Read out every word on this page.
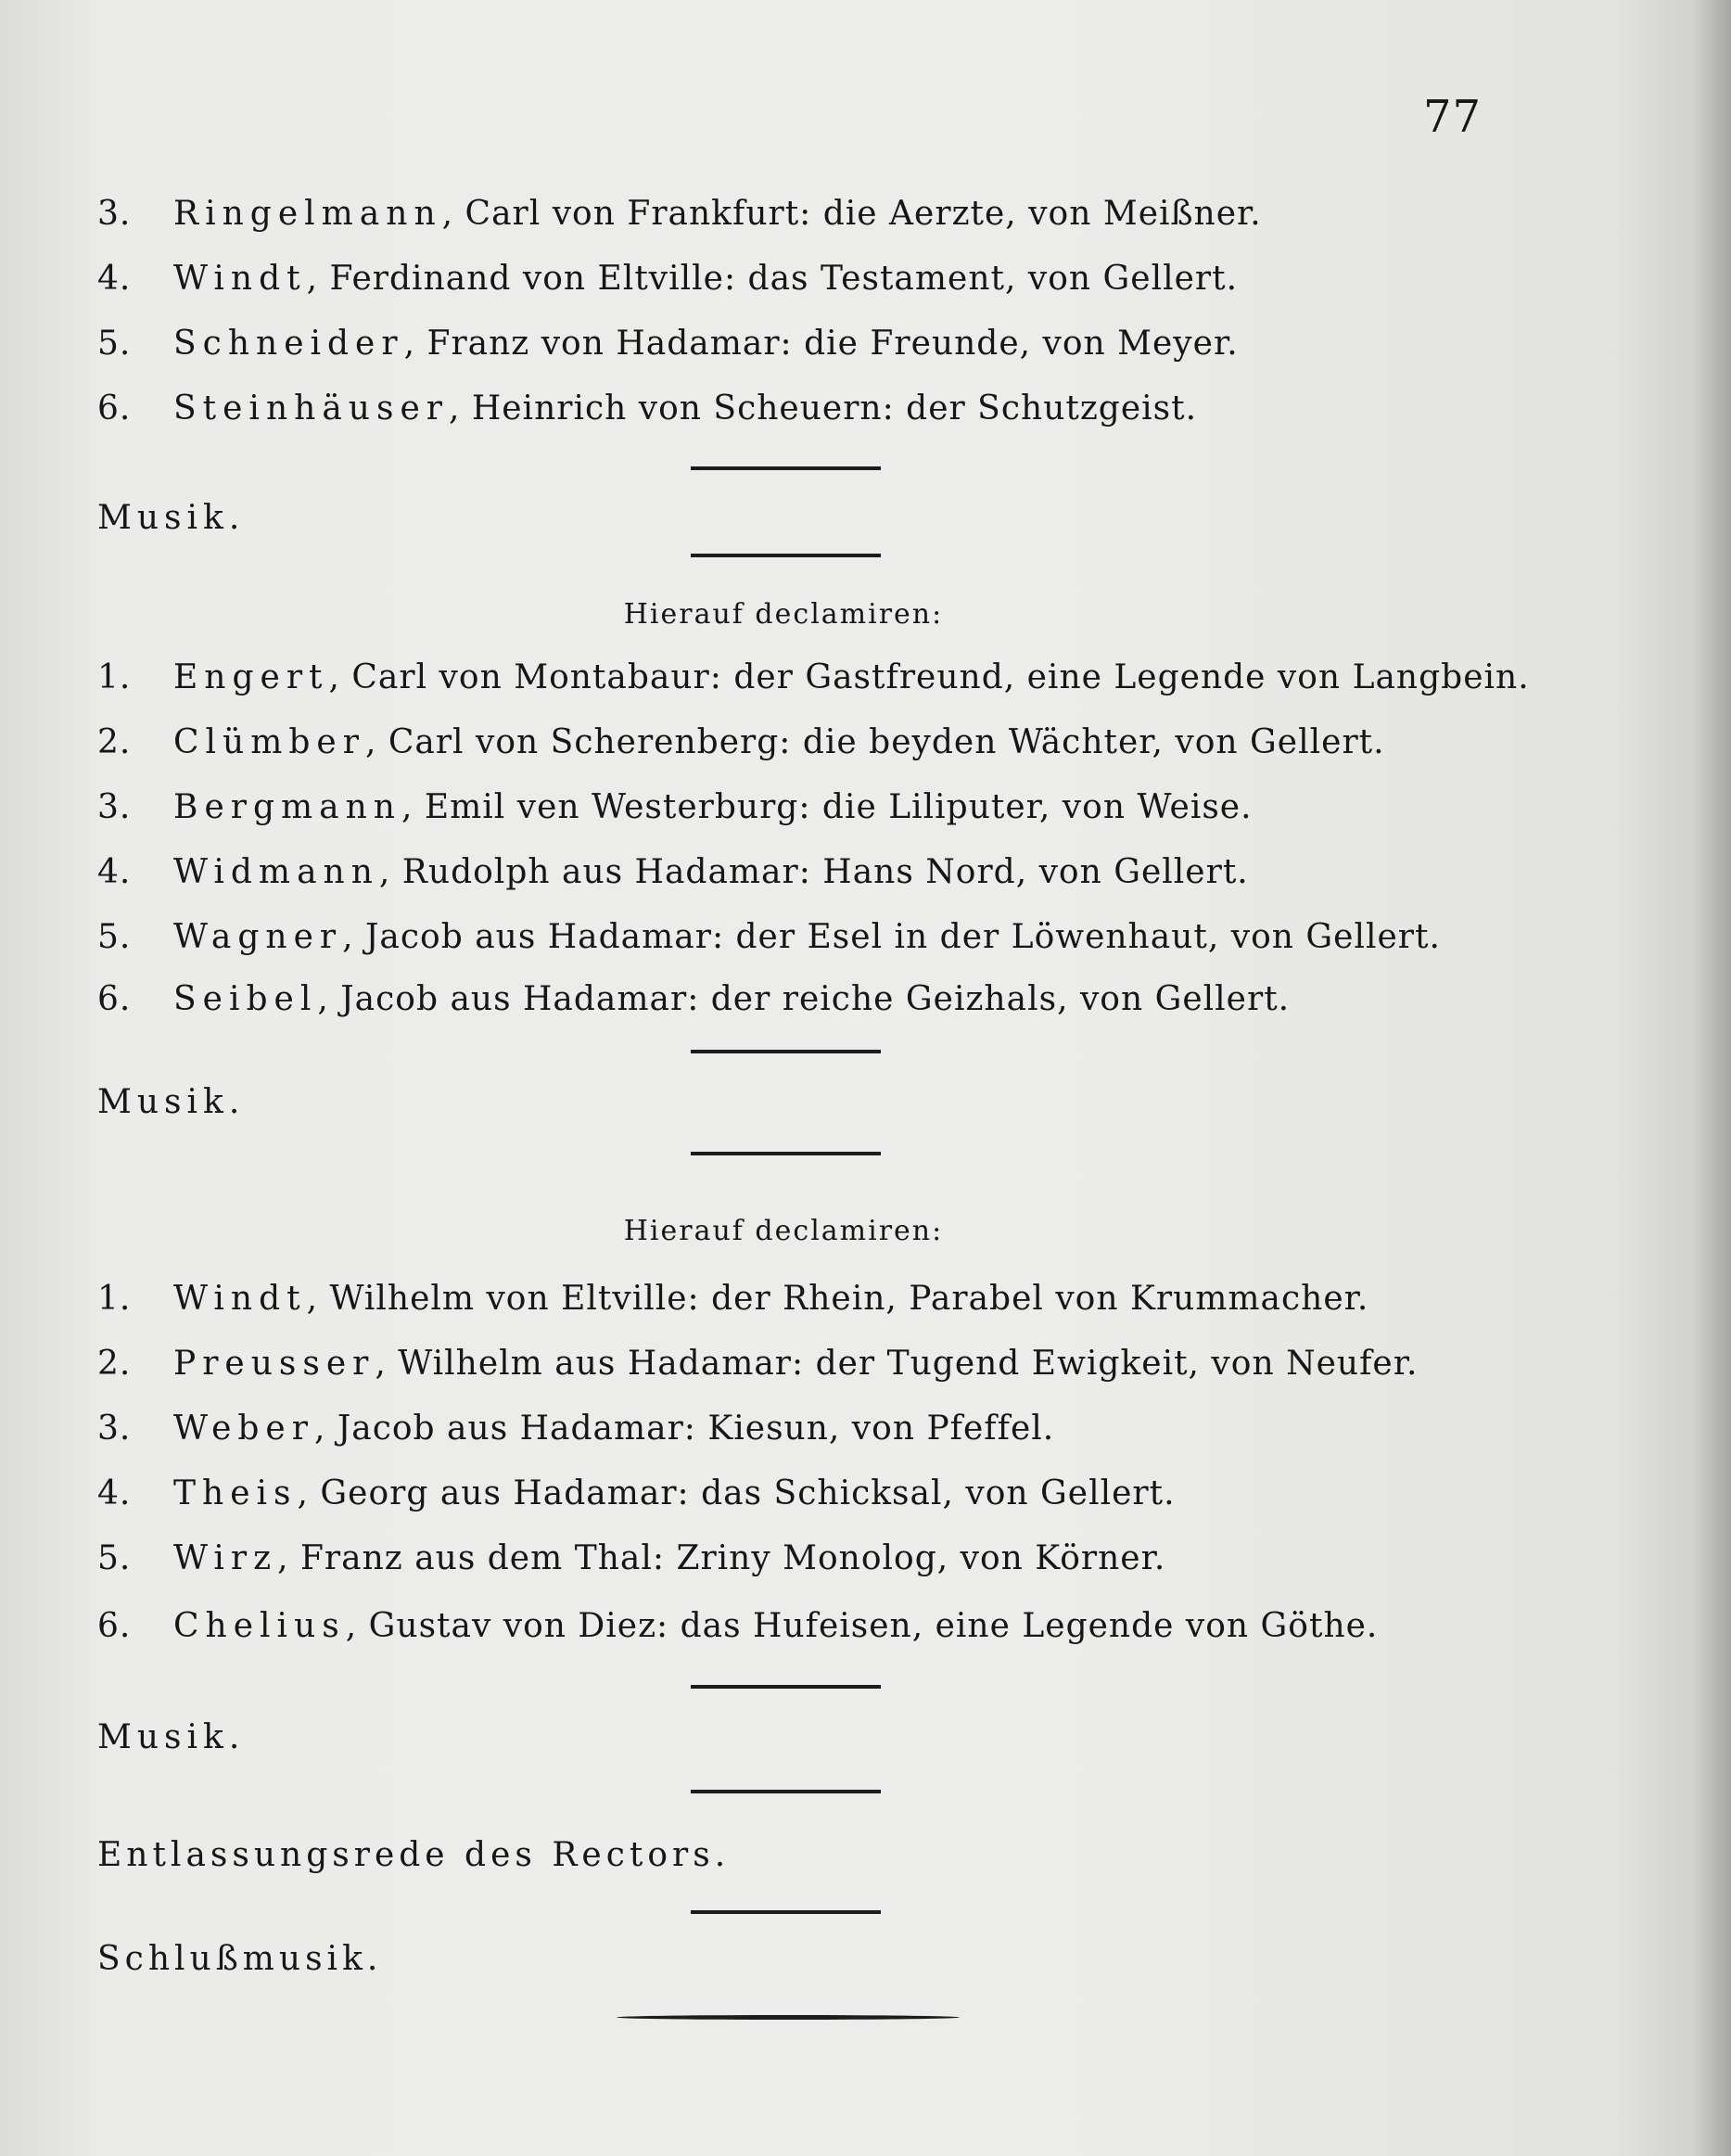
77
3. Ringelmann, Carl von Frankfurt: die Aerzte, von Meißner.
4. Windt, Ferdinand von Eltville: das Testament, von Gellert.
5. Schneider, Franz von Hadamar: die Freunde, von Meyer.
6. Steinhäuser, Heinrich von Scheuern: der Schutzgeist.
Musik.
Hierauf declamiren:
1. Engert, Carl von Montabaur: der Gastfreund, eine Legende von Langbein.
2. Clümber, Carl von Scherenberg: die beyden Wächter, von Gellert.
3. Bergmann, Emil ven Westerburg: die Liliputer, von Weise.
4. Widmann, Rudolph aus Hadamar: Hans Nord, von Gellert.
5. Wagner, Jacob aus Hadamar: der Esel in der Löwenhaut, von Gellert.
6. Seibel, Jacob aus Hadamar: der reiche Geizhals, von Gellert.
Musik.
Hierauf declamiren:
1. Windt, Wilhelm von Eltville: der Rhein, Parabel von Krummacher.
2. Preusser, Wilhelm aus Hadamar: der Tugend Ewigkeit, von Neufer.
3. Weber, Jacob aus Hadamar: Kiesun, von Pfeffel.
4. Theis, Georg aus Hadamar: das Schicksal, von Gellert.
5. Wirz, Franz aus dem Thal: Zriny Monolog, von Körner.
6. Chelius, Gustav von Diez: das Hufeisen, eine Legende von Göthe.
Musik.
Entlassungsrede des Rectors.
Schlußmusik.
